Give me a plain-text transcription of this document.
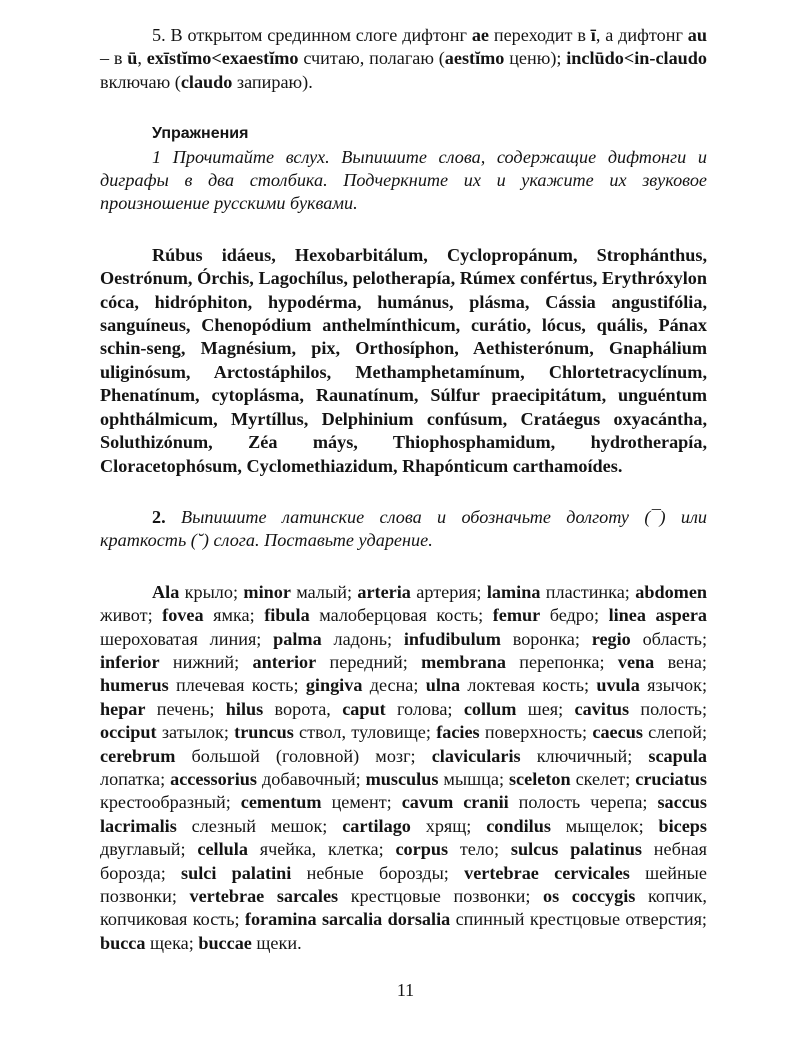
5. В открытом срединном слоге дифтонг ae переходит в ī, а дифтонг au – в ū, exīstĭmo<exaestĭmo считаю, полагаю (aestĭmo ценю); inclūdo<in-claudo включаю (claudo запираю).

Упражнения

1 Прочитайте вслух. Выпишите слова, содержащие дифтонги и диграфы в два столбика. Подчеркните их и укажите их звуковое произношение русскими буквами.

Rúbus idáeus, Hexobarbitálum, Cyclopropánum, Strophánthus, Oestrónum, Órchis, Lagochílus, pelotherapía, Rúmex confértus, Erythróxylon cóca, hidróphiton, hypodérma, humánus, plásma, Cássia angustifólia, sanguíneus, Chenopódium anthelmínthicum, curátio, lócus, quális, Pánax schin-seng, Magnésium, pix, Orthosíphon, Aethisterónum, Gnaphálium uliginósum, Arctostáphilos, Methamphetamínum, Chlortetracyclínum, Phenatínum, cytoplásma, Raunatínum, Súlfur praecipitátum, unguéntum ophthálmicum, Myrtíllus, Delphinium confúsum, Cratáegus oxyacántha, Soluthizónum, Zéa máys, Thiophosphamidum, hydrotherapía, Cloracetophósum, Cyclomethiazidum, Rhapónticum carthamoídes.

2. Выпишите латинские слова и обозначьте долготу (¯) или краткость (˘) слога. Поставьте ударение.

Ala крыло; minor малый; arteria артерия; lamina пластинка; abdomen живот; fovea ямка; fibula малоберцовая кость; femur бедро; linea aspera шероховатая линия; palma ладонь; infudibulum воронка; regio область; inferior нижний; anterior передний; membrana перепонка; vena вена; humerus плечевая кость; gingiva десна; ulna локтевая кость; uvula язычок; hepar печень; hilus ворота, caput голова; collum шея; cavitus полость; occiput затылок; truncus ствол, туловище; facies поверхность; caecus слепой; cerebrum большой (головной) мозг; clavicularis ключичный; scapula лопатка; accessorius добавочный; musculus мышца; sceleton скелет; cruciatus крестообразный; cementum цемент; cavum cranii полость черепа; saccus lacrimalis слезный мешок; cartilago хрящ; condilus мыщелок; biceps двуглавый; cellula ячейка, клетка; corpus тело; sulcus palatinus небная борозда; sulci palatini небные борозды; vertebrae cervicales шейные позвонки; vertebrae sarcales крестцовые позвонки; os coccygis копчик, копчиковая кость; foramina sarcalia dorsalia спинный крестцовые отверстия; bucca щека; buccae щеки.

11
